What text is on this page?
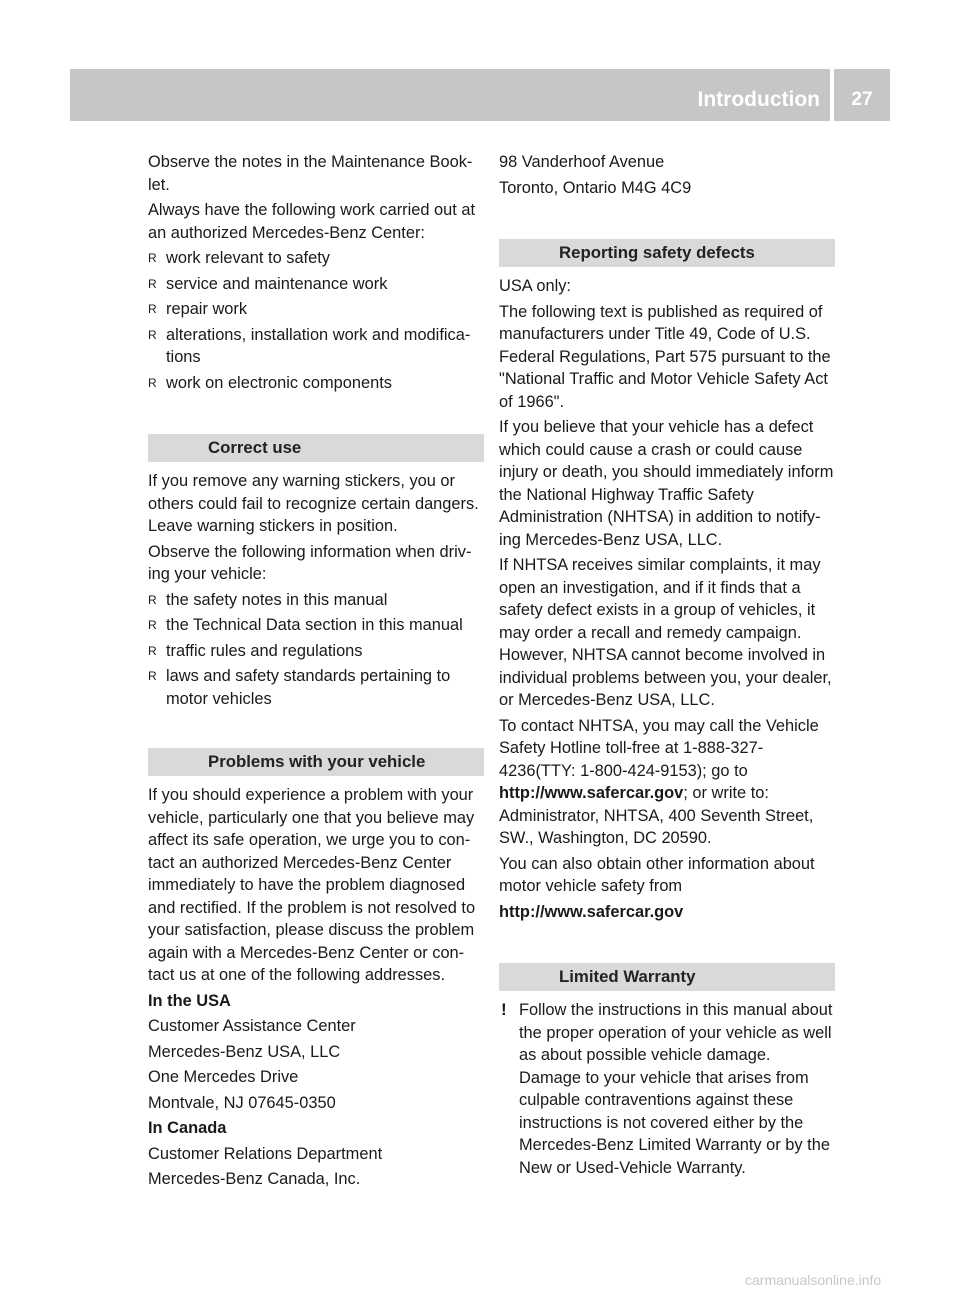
Introduction	27

Observe the notes in the Maintenance Book-let.

Always have the following work carried out at an authorized Mercedes-Benz Center:

R work relevant to safety
R service and maintenance work
R repair work
R alterations, installation work and modifica-tions
R work on electronic components
Correct use

If you remove any warning stickers, you or others could fail to recognize certain dangers. Leave warning stickers in position.

Observe the following information when driv-ing your vehicle:

R the safety notes in this manual
R the Technical Data section in this manual
R traffic rules and regulations
R laws and safety standards pertaining to motor vehicles
Problems with your vehicle

If you should experience a problem with your vehicle, particularly one that you believe may affect its safe operation, we urge you to con-tact an authorized Mercedes-Benz Center immediately to have the problem diagnosed and rectified. If the problem is not resolved to your satisfaction, please discuss the problem again with a Mercedes-Benz Center or con-tact us at one of the following addresses.

In the USA

Customer Assistance Center

Mercedes-Benz USA, LLC

One Mercedes Drive

Montvale, NJ 07645-0350

In Canada

Customer Relations Department

Mercedes-Benz Canada, Inc.

98 Vanderhoof Avenue

Toronto, Ontario M4G 4C9

Reporting safety defects

USA only:

The following text is published as required of manufacturers under Title 49, Code of U.S. Federal Regulations, Part 575 pursuant to the "National Traffic and Motor Vehicle Safety Act of 1966".

If you believe that your vehicle has a defect which could cause a crash or could cause injury or death, you should immediately inform the National Highway Traffic Safety Administration (NHTSA) in addition to notify-ing Mercedes-Benz USA, LLC.

If NHTSA receives similar complaints, it may open an investigation, and if it finds that a safety defect exists in a group of vehicles, it may order a recall and remedy campaign. However, NHTSA cannot become involved in individual problems between you, your dealer, or Mercedes-Benz USA, LLC.

To contact NHTSA, you may call the Vehicle Safety Hotline toll-free at 1-888-327-4236(TTY: 1-800-424-9153); go to http://www.safercar.gov; or write to: Administrator, NHTSA, 400 Seventh Street, SW., Washington, DC 20590.

You can also obtain other information about motor vehicle safety from

http://www.safercar.gov

Limited Warranty

! Follow the instructions in this manual about the proper operation of your vehicle as well as about possible vehicle damage. Damage to your vehicle that arises from culpable contraventions against these instructions is not covered either by the Mercedes-Benz Limited Warranty or by the New or Used-Vehicle Warranty.

carmanualsonline.info
